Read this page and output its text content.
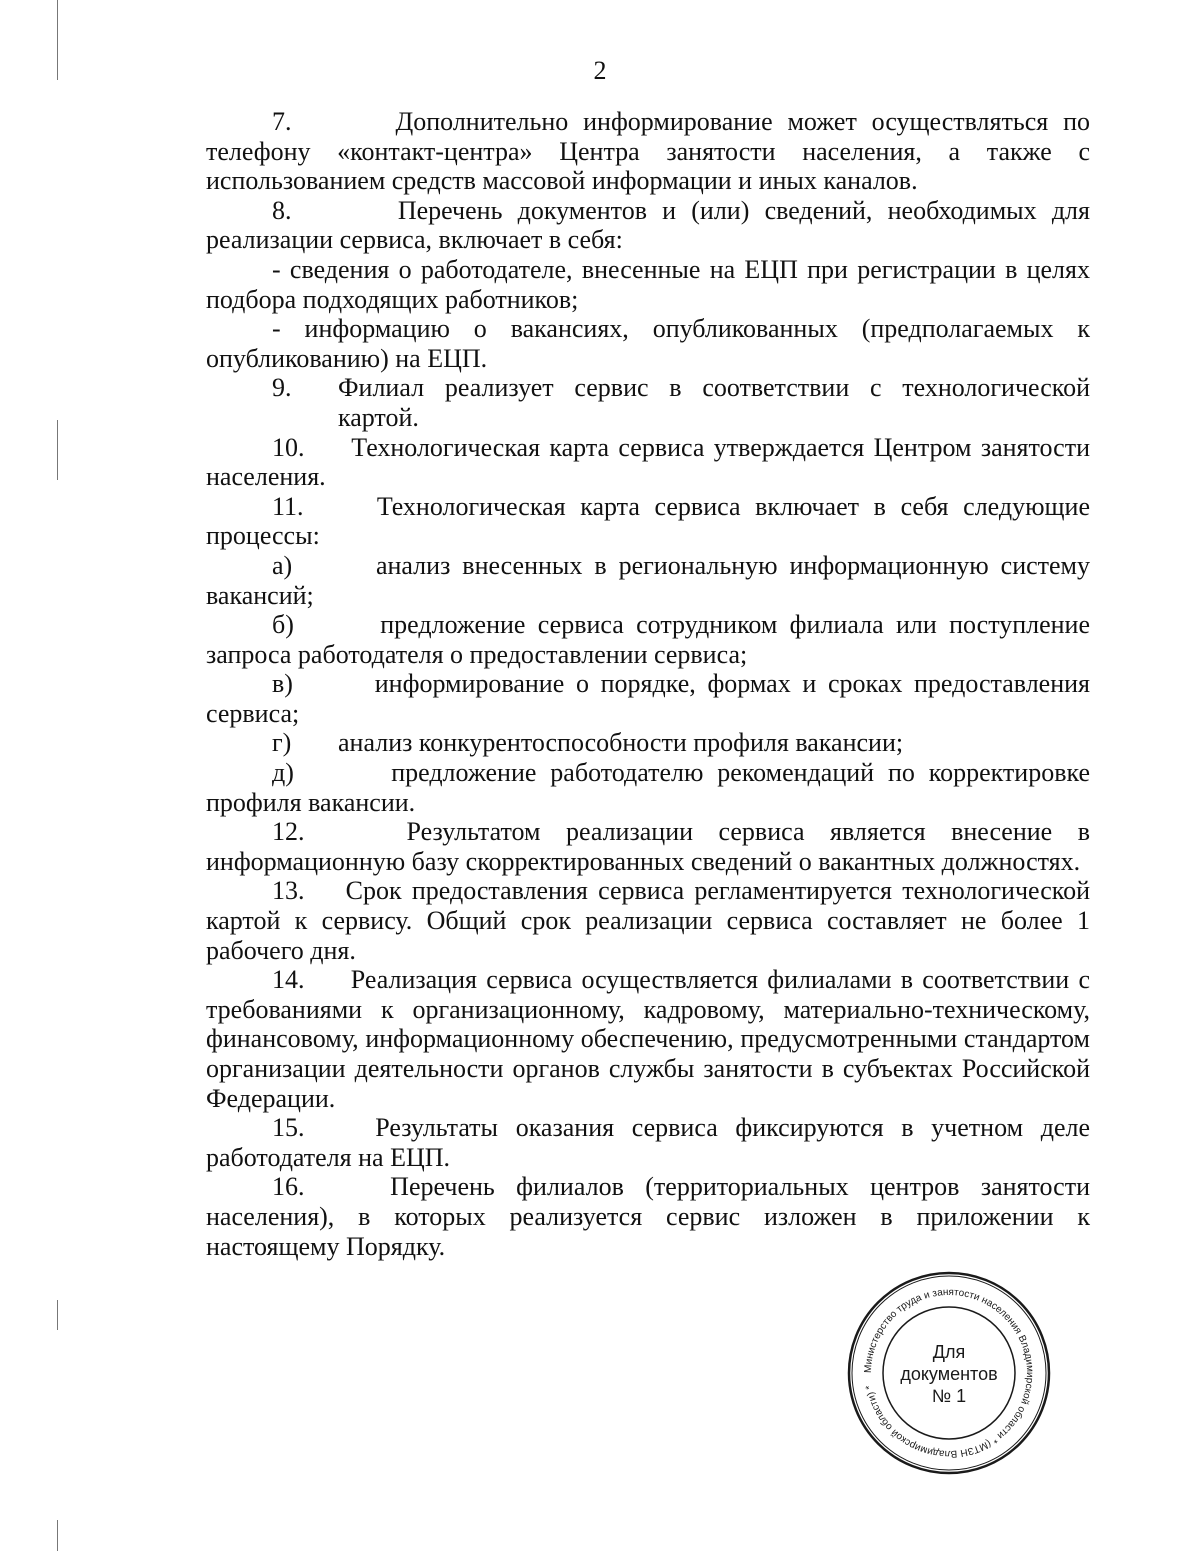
2

7.	Дополнительно информирование может осуществляться по телефону «контакт-центра» Центра занятости населения, а также с использованием средств массовой информации и иных каналов.

8.	Перечень документов и (или) сведений, необходимых для реализации сервиса, включает в себя:

- сведения о работодателе, внесенные на ЕЦП при регистрации в целях подбора подходящих работников;

- информацию о вакансиях, опубликованных (предполагаемых к опубликованию) на ЕЦП.

9.	Филиал реализует сервис в соответствии с технологической картой.

10. Технологическая карта сервиса утверждается Центром занятости населения.

11.	Технологическая карта сервиса включает в себя следующие процессы:

а)	анализ внесенных в региональную информационную систему вакансий;

б)	предложение сервиса сотрудником филиала или поступление запроса работодателя о предоставлении сервиса;

в)	информирование о порядке, формах и сроках предоставления сервиса;

г)	анализ конкурентоспособности профиля вакансии;

д)	предложение работодателю рекомендаций по корректировке профиля вакансии.

12.	Результатом реализации сервиса является внесение в информационную базу скорректированных сведений о вакантных должностях.

13. Срок предоставления сервиса регламентируется технологической картой к сервису. Общий срок реализации сервиса составляет не более 1 рабочего дня.

14. Реализация сервиса осуществляется филиалами в соответствии с требованиями к организационному, кадровому, материально-техническому, финансовому, информационному обеспечению, предусмотренными стандартом организации деятельности органов службы занятости в субъектах Российской Федерации.

15.	Результаты оказания сервиса фиксируются в учетном деле работодателя на ЕЦП.

16.	Перечень филиалов (территориальных центров занятости населения), в которых реализуется сервис изложен в приложении к настоящему Порядку.

Министерство труда и занятости населения Владимирской области * (МТЗН Владимирской области) *
Для
документов
№ 1
